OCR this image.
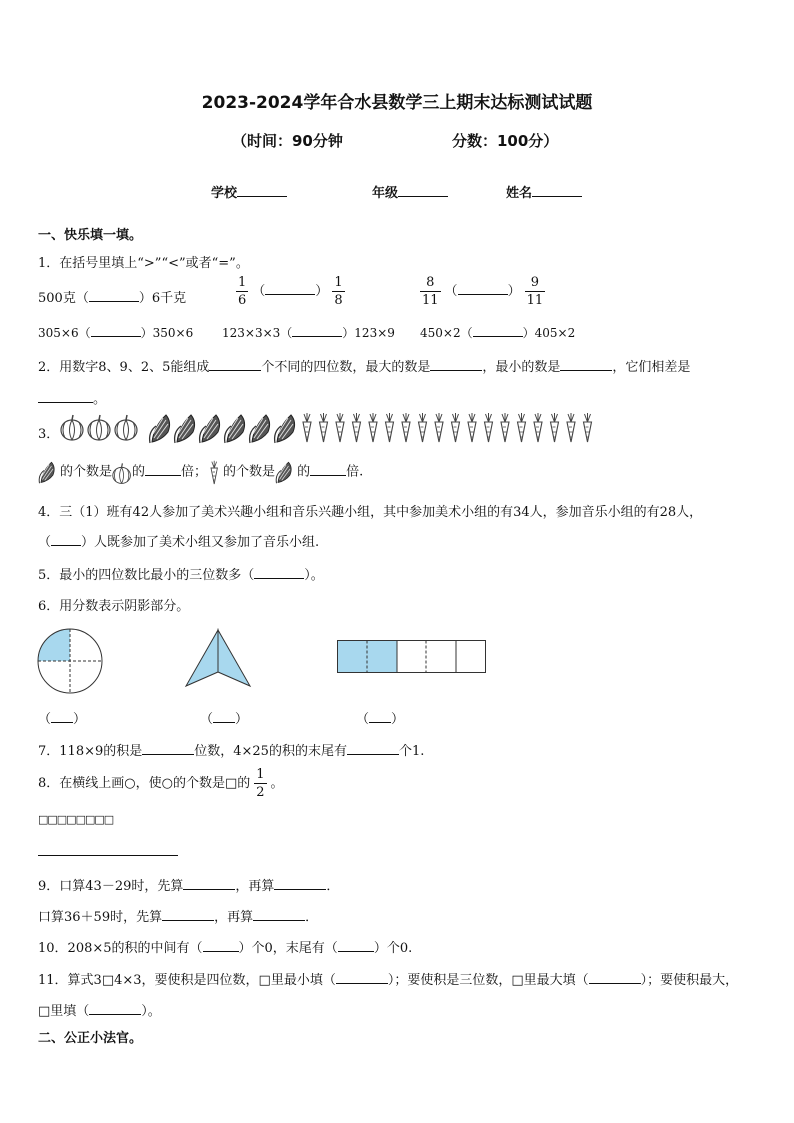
2023-2024学年合水县数学三上期末达标测试试题
（时间：90分钟	分数：100分）
学校	年级	姓名
一、快乐填一填。
1．在括号里填上“>”“<”或者“=”。
500克（	）6千克	$\frac{1}{6}$ （	） $\frac{1}{8}$	$\frac{8}{11}$ （	） $\frac{9}{11}$
305×6（	）350×6 123×3×3（	）123×9 450×2（	）405×2
2．用数字8、9、2、5能组成	个不同的四位数，最大的数是	，最小的数是	，它们相差是
。
3．
的个数是 的	倍； 的个数是 的	倍.
4．三（1）班有42人参加了美术兴趣小组和音乐兴趣小组，其中参加美术小组的有34人，参加音乐小组的有28人，
（ ）人既参加了美术小组又参加了音乐小组.
5．最小的四位数比最小的三位数多（	）。
6．用分数表示阴影部分。
（ ）	（ ）	（ ）
7．118×9的积是	位数，4×25的积的末尾有	个1.
8．在横线上画○，使○的个数是□的 $\frac{1}{2}$ 。
□□□□□□□□
9．口算43－29时，先算	，再算	．
口算36＋59时，先算	，再算	．
10．208×5的积的中间有（	）个0，末尾有（	）个0.
11．算式3□4×3，要使积是四位数，□里最小填（	）；要使积是三位数，□里最大填（	）；要使积最大，
□里填（	）。
二、公正小法官。
